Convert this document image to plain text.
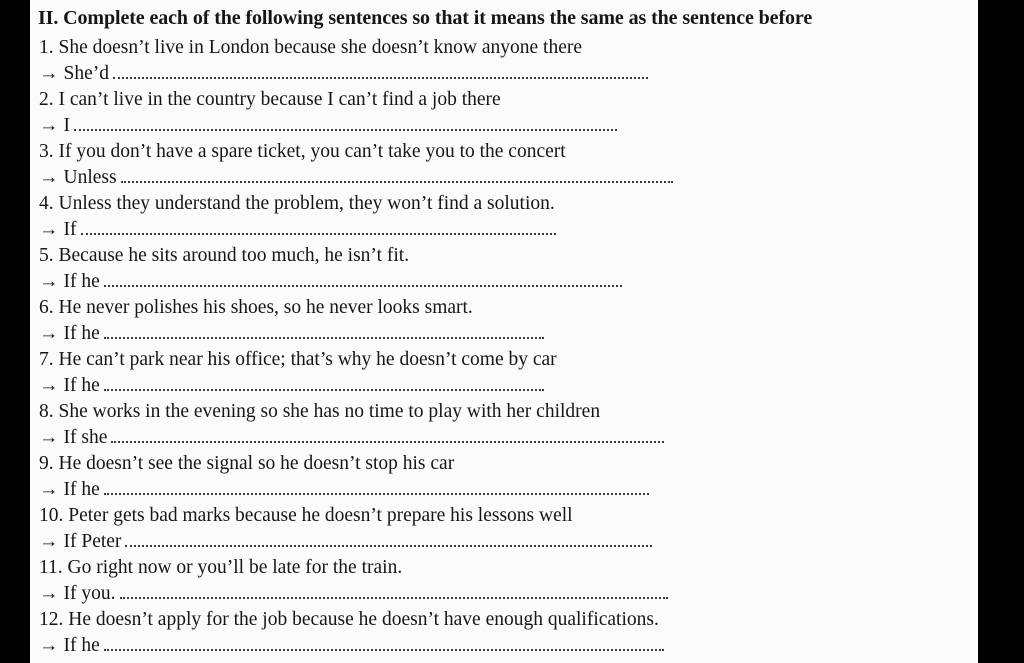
II. Complete each of the following sentences so that it means the same as the sentence before
1. She doesn’t live in London because she doesn’t know anyone there
→ She’d
2. I can’t live in the country because I can’t find a job there
→ I
3. If you don’t have a spare ticket, you can’t take you to the concert
→ Unless
4. Unless they understand the problem, they won’t find a solution.
→ If
5. Because he sits around too much, he isn’t fit.
→ If he
6. He never polishes his shoes, so he never looks smart.
→ If he
7. He can’t park near his office; that’s why he doesn’t come by car
→ If he
8. She works in the evening so she has no time to play with her children
→ If she
9. He doesn’t see the signal so he doesn’t stop his car
→ If he
10. Peter gets bad marks because he doesn’t prepare his lessons well
→ If Peter
11. Go right now or you’ll be late for the train.
→ If you.
12. He doesn’t apply for the job because he doesn’t have enough qualifications.
→ If he
